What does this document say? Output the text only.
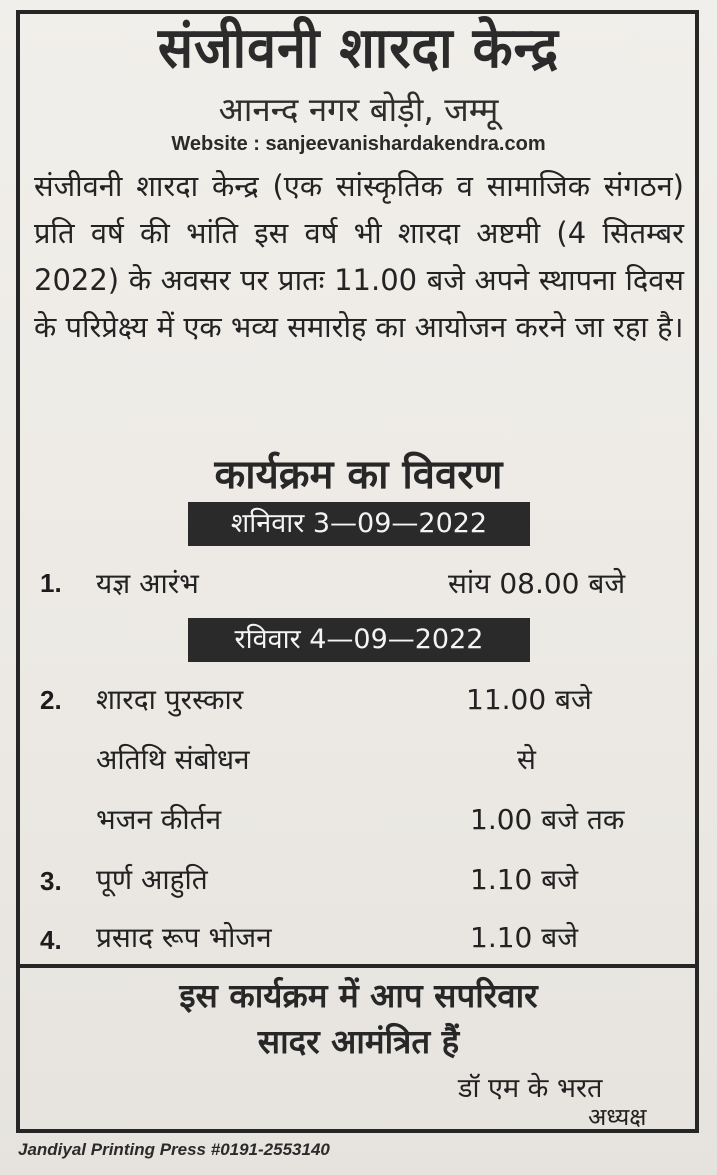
संजीवनी शारदा केन्द्र
आनन्द नगर बोड़ी, जम्मू
Website : sanjeevanishardakendra.com
संजीवनी शारदा केन्द्र (एक सांस्कृतिक व सामाजिक संगठन) प्रति वर्ष की भांति इस वर्ष भी शारदा अष्टमी (4 सितम्बर 2022) के अवसर पर प्रातः 11.00 बजे अपने स्थापना दिवस के परिप्रेक्ष्य में एक भव्य समारोह का आयोजन करने जा रहा है।
कार्यक्रम का विवरण
शनिवार 3—09—2022
1. यज्ञ आरंभ	सांय 08.00 बजे
रविवार 4—09—2022
2. शारदा पुरस्कार	11.00 बजे
अतिथि संबोधन	से
भजन कीर्तन	1.00 बजे तक
3. पूर्ण आहुति	1.10 बजे
4. प्रसाद रूप भोजन	1.10 बजे
इस कार्यक्रम में आप सपरिवार
सादर आमंत्रित हैं
डॉ एम के भरत
अध्यक्ष
Jandiyal Printing Press #0191-2553140
